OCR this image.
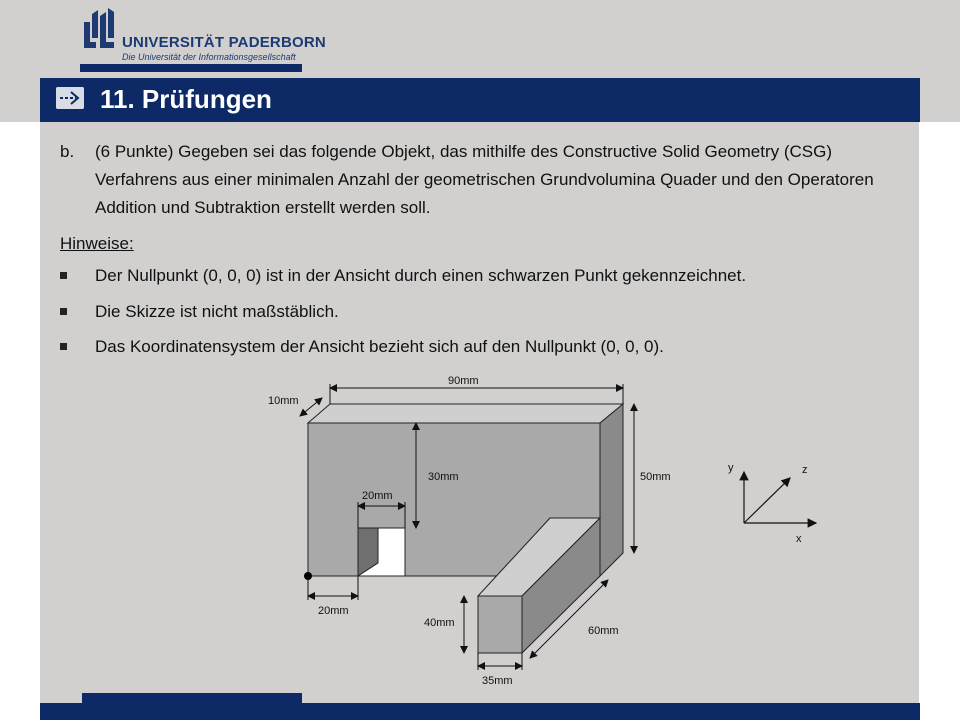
UNIVERSITÄT PADERBORN
Die Universität der Informationsgesellschaft
11. Prüfungen
b. (6 Punkte) Gegeben sei das folgende Objekt, das mithilfe des Constructive Solid Geometry (CSG) Verfahrens aus einer minimalen Anzahl der geometrischen Grundvolumina Quader und den Operatoren Addition und Subtraktion erstellt werden soll.
Hinweise:
Der Nullpunkt (0, 0, 0) ist in der Ansicht durch einen schwarzen Punkt gekennzeichnet.
Die Skizze ist nicht maßstäblich.
Das Koordinatensystem der Ansicht bezieht sich auf den Nullpunkt (0, 0, 0).
90mm
10mm
50mm
30mm
20mm
20mm
40mm
60mm
35mm
y	z
x
